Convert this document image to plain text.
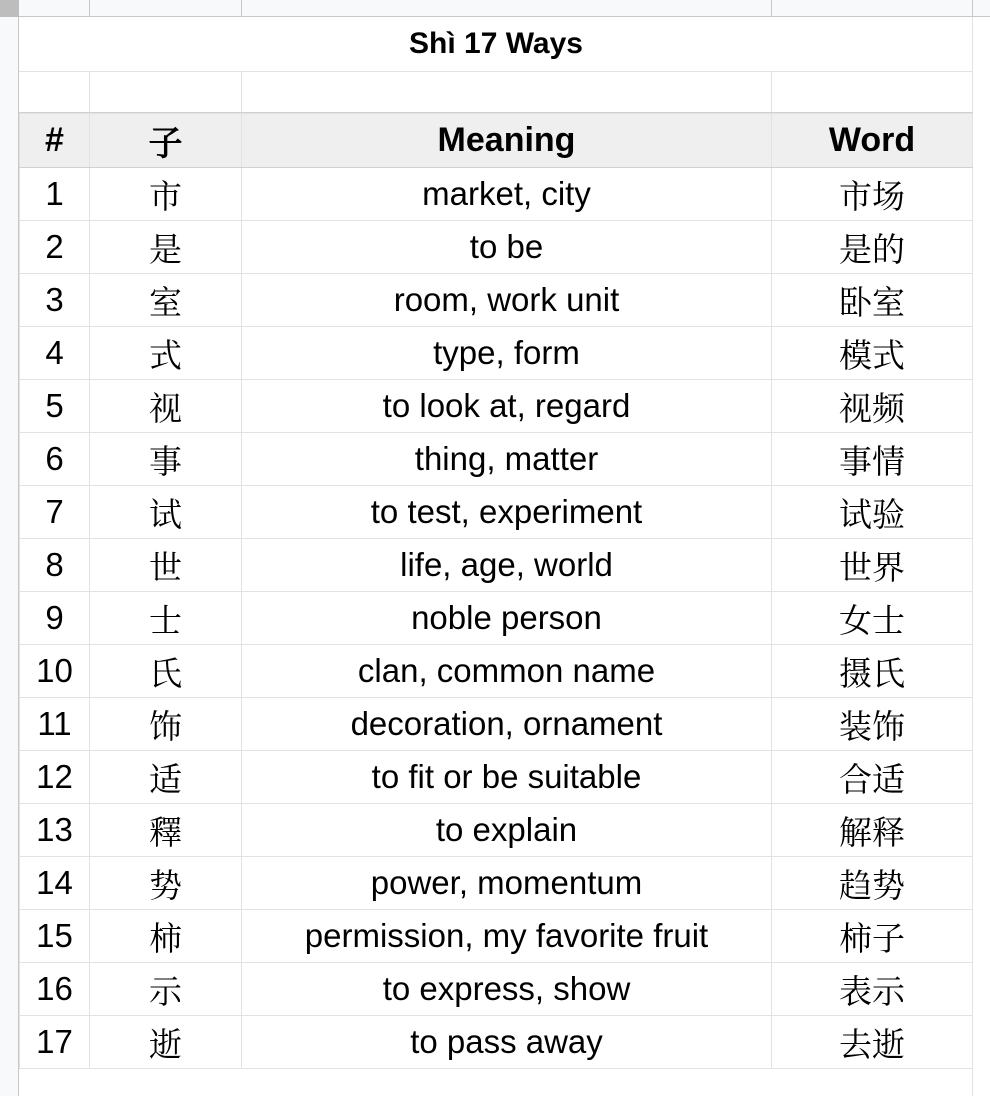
Shì 17 Ways
#	子	Meaning	Word
1	市	market, city	市场
2	是	to be	是的
3	室	room, work unit	卧室
4	式	type, form	模式
5	视	to look at, regard	视频
6	事	thing, matter	事情
7	试	to test, experiment	试验
8	世	life, age, world	世界
9	士	noble person	女士
10	氏	clan, common name	摄氏
11	饰	decoration, ornament	装饰
12	适	to fit or be suitable	合适
13	釋	to explain	解释
14	势	power, momentum	趋势
15	柿	permission, my favorite fruit	柿子
16	示	to express, show	表示
17	逝	to pass away	去逝
